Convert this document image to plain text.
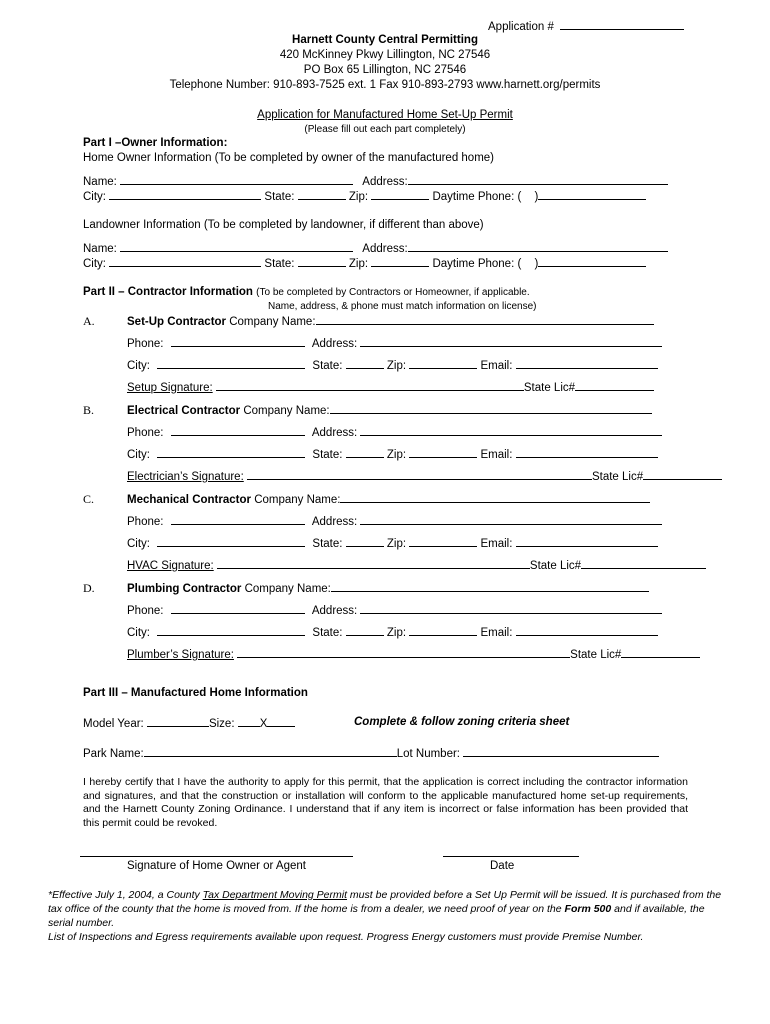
Application #
Harnett County Central Permitting
420 McKinney Pkwy Lillington, NC 27546
PO Box 65 Lillington, NC 27546
Telephone Number: 910-893-7525 ext. 1 Fax 910-893-2793 www.harnett.org/permits
Application for Manufactured Home Set-Up Permit
(Please fill out each part completely)
Part I –Owner Information:
Home Owner Information (To be completed by owner of the manufactured home)
Name:	Address:
City:	State:	Zip:	Daytime Phone: ( )
Landowner Information (To be completed by landowner, if different than above)
Name:	Address:
City:	State:	Zip:	Daytime Phone: ( )
Part II – Contractor Information (To be completed by Contractors or Homeowner, if applicable.
Name, address, & phone must match information on license)
A.	Set-Up Contractor Company Name:
Phone:	Address:
City:	State:	Zip:	Email:
Setup Signature:	State Lic#
B.	Electrical Contractor Company Name:
Phone:	Address:
City:	State:	Zip:	Email:
Electrician’s Signature:	State Lic#
C.	Mechanical Contractor Company Name:
Phone:	Address:
City:	State:	Zip:	Email:
HVAC Signature:	State Lic#
D.	Plumbing Contractor Company Name:
Phone:	Address:
City:	State:	Zip:	Email:
Plumber’s Signature:	State Lic#
Part III – Manufactured Home Information
Model Year:	Size: X	Complete & follow zoning criteria sheet
Park Name:	Lot Number:
I hereby certify that I have the authority to apply for this permit, that the application is correct including the contractor information and signatures, and that the construction or installation will conform to the applicable manufactured home set-up requirements, and the Harnett County Zoning Ordinance. I understand that if any item is incorrect or false information has been provided that this permit could be revoked.
Signature of Home Owner or Agent	Date
*Effective July 1, 2004, a County Tax Department Moving Permit must be provided before a Set Up Permit will be issued. It is purchased from the tax office of the county that the home is moved from. If the home is from a dealer, we need proof of year on the Form 500 and if available, the serial number.
List of Inspections and Egress requirements available upon request. Progress Energy customers must provide Premise Number.
